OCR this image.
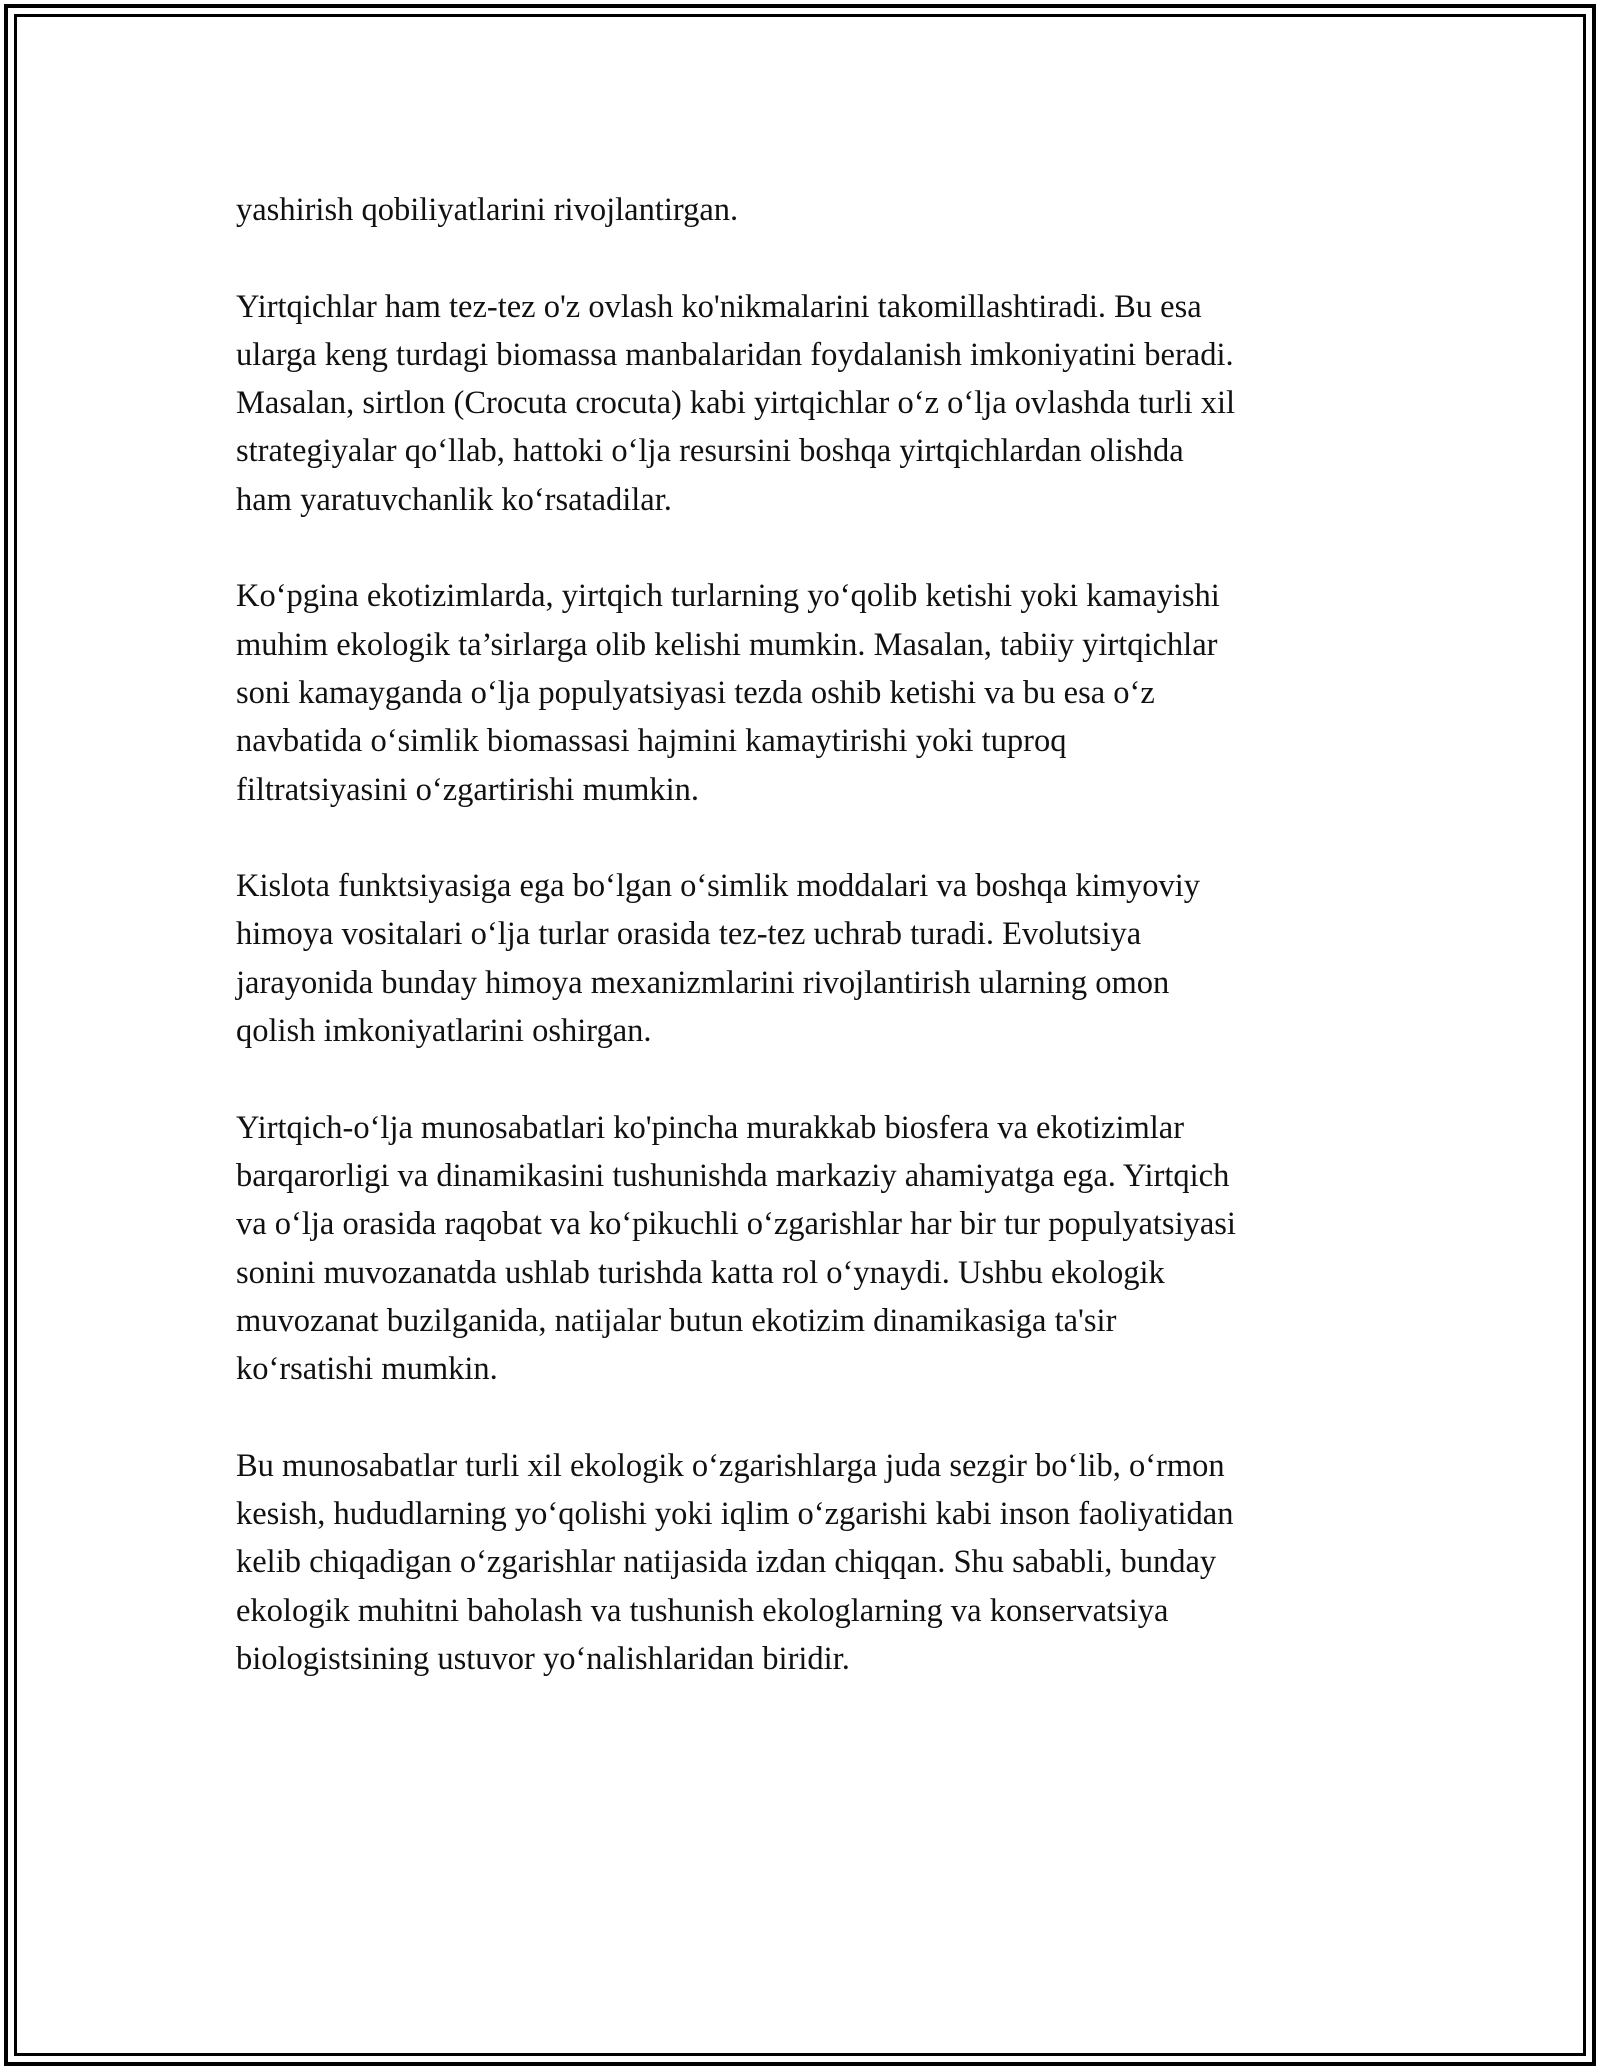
yashirish qobiliyatlarini rivojlantirgan.

Yirtqichlar ham tez-tez o'z ovlash ko'nikmalarini takomillashtiradi. Bu esa
ularga keng turdagi biomassa manbalaridan foydalanish imkoniyatini beradi.
Masalan, sirtlon (Crocuta crocuta) kabi yirtqichlar o‘z o‘lja ovlashda turli xil
strategiyalar qo‘llab, hattoki o‘lja resursini boshqa yirtqichlardan olishda
ham yaratuvchanlik ko‘rsatadilar.

Ko‘pgina ekotizimlarda, yirtqich turlarning yo‘qolib ketishi yoki kamayishi
muhim ekologik ta’sirlarga olib kelishi mumkin. Masalan, tabiiy yirtqichlar
soni kamayganda o‘lja populyatsiyasi tezda oshib ketishi va bu esa o‘z
navbatida o‘simlik biomassasi hajmini kamaytirishi yoki tuproq
filtratsiyasini o‘zgartirishi mumkin.

Kislota funktsiyasiga ega bo‘lgan o‘simlik moddalari va boshqa kimyoviy
himoya vositalari o‘lja turlar orasida tez-tez uchrab turadi. Evolutsiya
jarayonida bunday himoya mexanizmlarini rivojlantirish ularning omon
qolish imkoniyatlarini oshirgan.

Yirtqich-o‘lja munosabatlari ko'pincha murakkab biosfera va ekotizimlar
barqarorligi va dinamikasini tushunishda markaziy ahamiyatga ega. Yirtqich
va o‘lja orasida raqobat va ko‘pikuchli o‘zgarishlar har bir tur populyatsiyasi
sonini muvozanatda ushlab turishda katta rol o‘ynaydi. Ushbu ekologik
muvozanat buzilganida, natijalar butun ekotizim dinamikasiga ta'sir
ko‘rsatishi mumkin.

Bu munosabatlar turli xil ekologik o‘zgarishlarga juda sezgir bo‘lib, o‘rmon
kesish, hududlarning yo‘qolishi yoki iqlim o‘zgarishi kabi inson faoliyatidan
kelib chiqadigan o‘zgarishlar natijasida izdan chiqqan. Shu sababli, bunday
ekologik muhitni baholash va tushunish ekologlarning va konservatsiya
biologistsining ustuvor yo‘nalishlaridan biridir.
